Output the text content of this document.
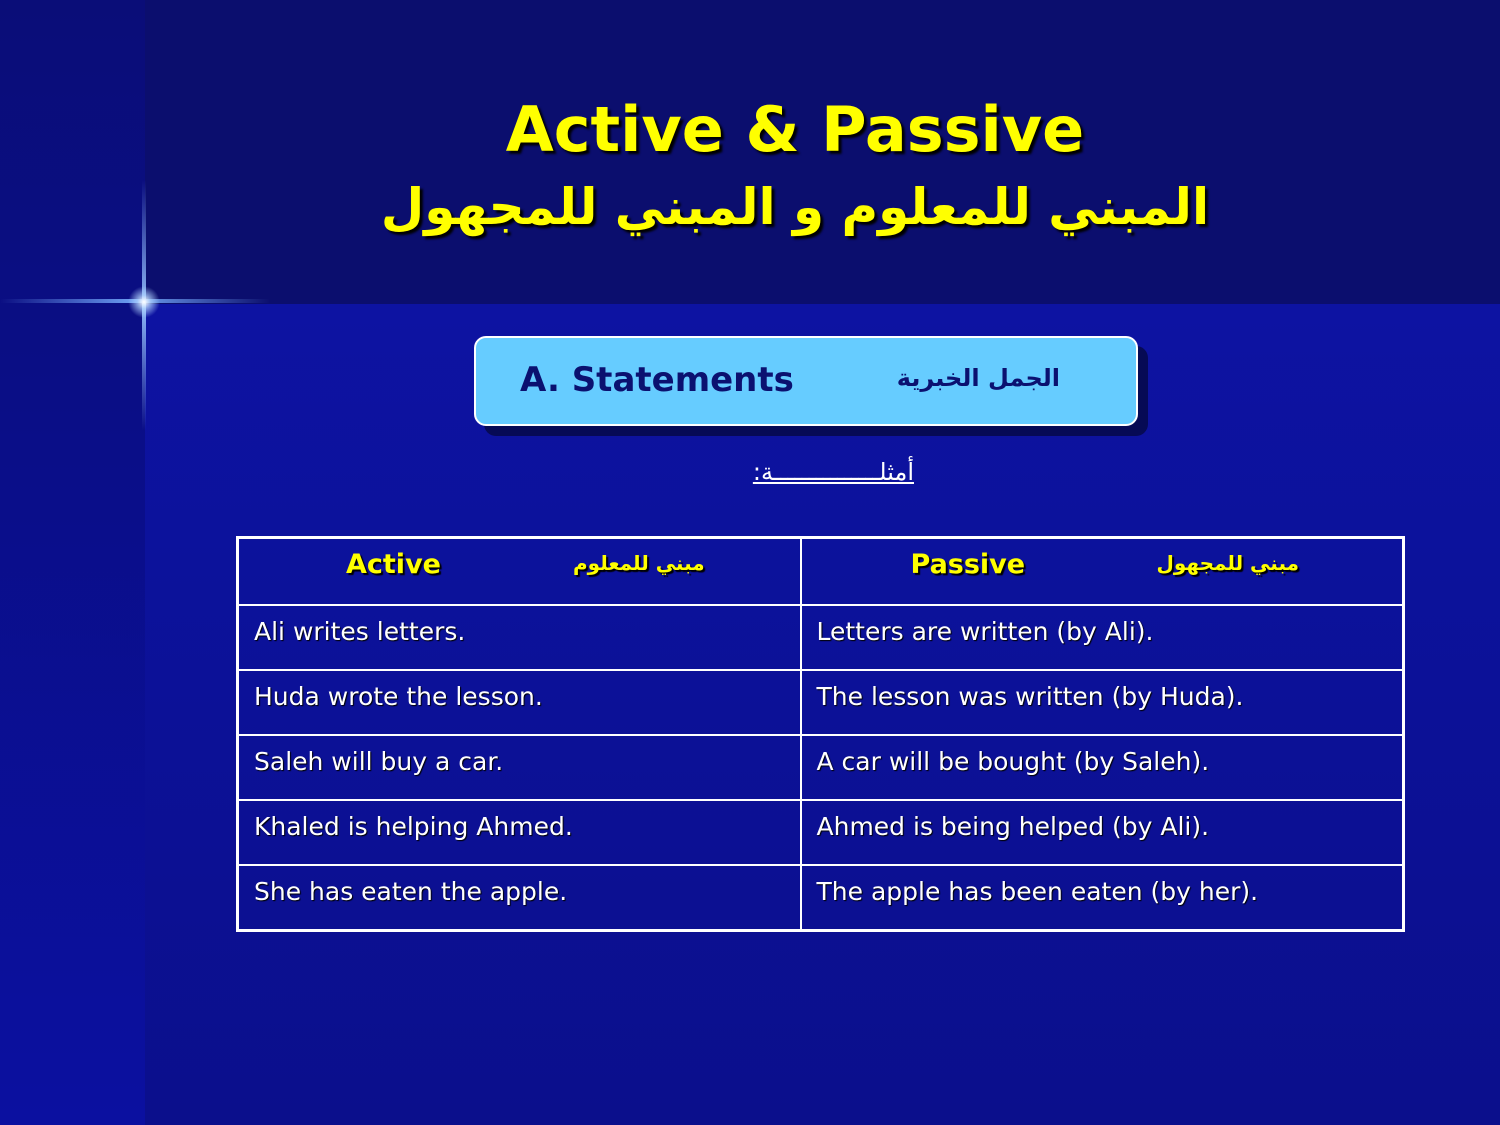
Active & Passive
المبني للمعلوم و المبني للمجهول
A. Statements	الجمل الخبرية
أمثلـــــــــــــــة:
Active مبني للمعلوم	Passive مبني للمجهول

Ali writes letters.	Letters are written (by Ali).
Huda wrote the lesson.	The lesson was written (by Huda).
Saleh will buy a car.	A car will be bought (by Saleh).
Khaled is helping Ahmed.	Ahmed is being helped (by Ali).
She has eaten the apple.	The apple has been eaten (by her).
